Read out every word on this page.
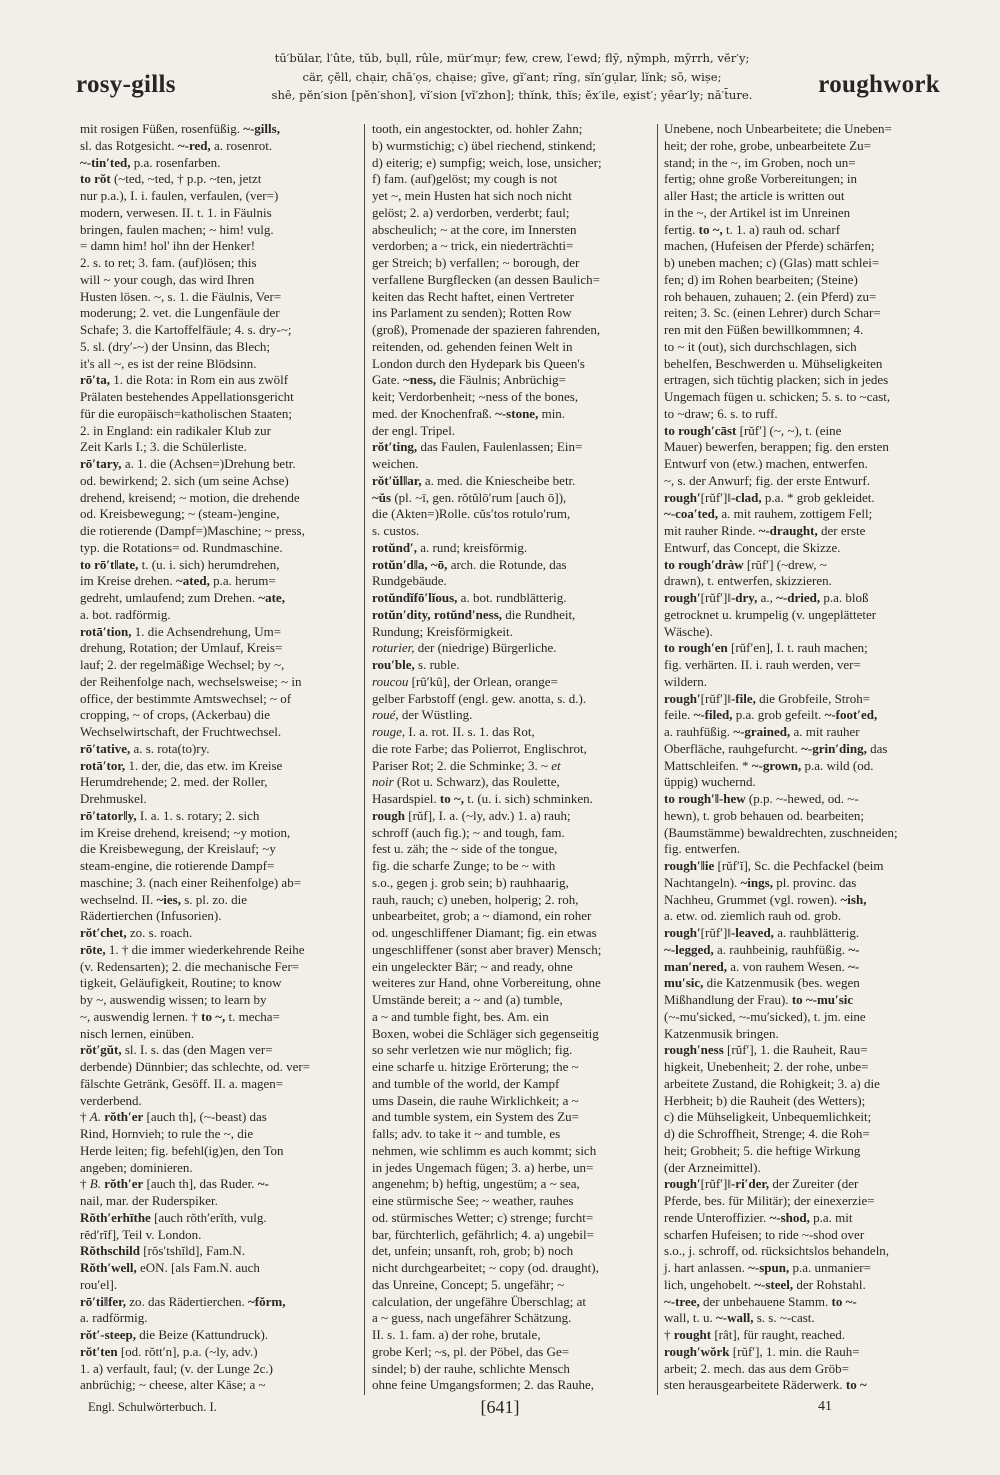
rosy-gills
tū′bŭlar, l′ûte, tŭb, bụll, rûle, mür′mụr; few, crew, l′ewd; flȳ, nȳmph, mȳrrh, vĕr′y;
cär, çĕll, chạir, chā′ọs, chạise; gīve, gĭ′ant; rĭng, sĭn′gụlar, lĭnk; sō, wișe;
shē, pĕn′sion [pĕn′shon], vĭ′sion [vĭ′zhon]; thĭnk, thĭs; ĕx′ile, ex̱ist′; yēar′ly; nā′t̄ure.	roughwork
mit rosigen Füßen, rosenfüßig. ~-gills,
sl. das Rotgesicht. ~-red, a. rosenrot.
~-tin′ted, p.a. rosenfarben.
to rŏt (~ted, ~ted, † p.p. ~ten, jetzt
nur p.a.), I. i. faulen, verfaulen, (ver=)
modern, verwesen. II. t. 1. in Fäulnis
bringen, faulen machen; ~ him! vulg.
= damn him! hol' ihn der Henker!
2. s. to ret; 3. fam. (auf)lösen; this
will ~ your cough, das wird Ihren
Husten lösen. ~, s. 1. die Fäulnis, Ver=
moderung; 2. vet. die Lungenfäule der
Schafe; 3. die Kartoffelfäule; 4. s. dry-~;
5. sl. (dry′-~) der Unsinn, das Blech;
it's all ~, es ist der reine Blödsinn.
rō′ta, 1. die Rota: in Rom ein aus zwölf
Prälaten bestehendes Appellationsgericht
für die europäisch=katholischen Staaten;
2. in England: ein radikaler Klub zur
Zeit Karls I.; 3. die Schülerliste.
rō′tary, a. 1. die (Achsen=)Drehung betr.
od. bewirkend; 2. sich (um seine Achse)
drehend, kreisend; ~ motion, die drehende
od. Kreisbewegung; ~ (steam-)engine,
die rotierende (Dampf=)Maschine; ~ press,
typ. die Rotations= od. Rundmaschine.
to rō′t‖ate, t. (u. i. sich) herumdrehen,
im Kreise drehen. ~ated, p.a. herum=
gedreht, umlaufend; zum Drehen. ~ate,
a. bot. radförmig.
rotā′tion, 1. die Achsendrehung, Um=
drehung, Rotation; der Umlauf, Kreis=
lauf; 2. der regelmäßige Wechsel; by ~,
der Reihenfolge nach, wechselsweise; ~ in
office, der bestimmte Amtswechsel; ~ of
cropping, ~ of crops, (Ackerbau) die
Wechselwirtschaft, der Fruchtwechsel.
rō′tative, a. s. rota(to)ry.
rotā′tor, 1. der, die, das etw. im Kreise
Herumdrehende; 2. med. der Roller,
Drehmuskel.
rō′tator‖y, I. a. 1. s. rotary; 2. sich
im Kreise drehend, kreisend; ~y motion,
die Kreisbewegung, der Kreislauf; ~y
steam-engine, die rotierende Dampf=
maschine; 3. (nach einer Reihenfolge) ab=
wechselnd. II. ~ies, s. pl. zo. die
Rädertierchen (Infusorien).
rŏt′chet, zo. s. roach.
rōte, 1. † die immer wiederkehrende Reihe
(v. Redensarten); 2. die mechanische Fer=
tigkeit, Geläufigkeit, Routine; to know
by ~, auswendig wissen; to learn by
~, auswendig lernen. † to ~, t. mecha=
nisch lernen, einüben.
rŏt′gŭt, sl. I. s. das (den Magen ver=
derbende) Dünnbier; das schlechte, od. ver=
fälschte Getränk, Gesöff. II. a. magen=
verderbend.
† A. rŏth′er [auch th], (~-beast) das
Rind, Hornvieh; to rule the ~, die
Herde leiten; fig. befehl(ig)en, den Ton
angeben; dominieren.
† B. rŏth′er [auch th], das Ruder. ~-
nail, mar. der Ruderspiker.
Rŏth′erhīthe [auch rŏth′erĭth, vulg.
rĕd′rĭf], Teil v. London.
Rŏthschild [rŏs′tshĭld], Fam.N.
Rŏth′well, eON. [als Fam.N. auch
rou′el].
rō′ti‖fer, zo. das Rädertierchen. ~fŏrm,
a. radförmig.
rŏt′-steep, die Beize (Kattundruck).
rŏt′ten [od. rŏtt′n], p.a. (~ly, adv.)
1. a) verfault, faul; (v. der Lunge 2c.)
anbrüchig; ~ cheese, alter Käse; a ~
tooth, ein angestockter, od. hohler Zahn;
b) wurmstichig; c) übel riechend, stinkend;
d) eiterig; e) sumpfig; weich, lose, unsicher;
f) fam. (auf)gelöst; my cough is not
yet ~, mein Husten hat sich noch nicht
gelöst; 2. a) verdorben, verderbt; faul;
abscheulich; ~ at the core, im Innersten
verdorben; a ~ trick, ein niederträchti=
ger Streich; b) verfallen; ~ borough, der
verfallene Burgflecken (an dessen Baulich=
keiten das Recht haftet, einen Vertreter
ins Parlament zu senden); Rotten Row
(groß), Promenade der spazieren fahrenden,
reitenden, od. gehenden feinen Welt in
London durch den Hydepark bis Queen's
Gate. ~ness, die Fäulnis; Anbrüchig=
keit; Verdorbenheit; ~ness of the bones,
med. der Knochenfraß. ~-stone, min.
der engl. Tripel.
rŏt′ting, das Faulen, Faulenlassen; Ein=
weichen.
rŏt′ŭl‖ar, a. med. die Kniescheibe betr.
~ŭs (pl. ~ī, gen. rŏtŭlō′rum [auch ō]),
die (Akten=)Rolle. cŭs′tos rotulo′rum,
s. custos.
rotŭnd′, a. rund; kreisförmig.
rotŭn′d‖a, ~ō, arch. die Rotunde, das
Rundgebäude.
rotŭndĭfō′lĭous, a. bot. rundblätterig.
rotŭn′dity, rotŭnd′ness, die Rundheit,
Rundung; Kreisförmigkeit.
roturier, der (niedrige) Bürgerliche.
rou′ble, s. ruble.
roucou [rû′kû], der Orlean, orange=
gelber Farbstoff (engl. gew. anotta, s. d.).
roué, der Wüstling.
rouge, I. a. rot. II. s. 1. das Rot,
die rote Farbe; das Polierrot, Englischrot,
Pariser Rot; 2. die Schminke; 3. ~ et
noir (Rot u. Schwarz), das Roulette,
Hasardspiel. to ~, t. (u. i. sich) schminken.
rough [rŭf], I. a. (~ly, adv.) 1. a) rauh;
schroff (auch fig.); ~ and tough, fam.
fest u. zäh; the ~ side of the tongue,
fig. die scharfe Zunge; to be ~ with
s.o., gegen j. grob sein; b) rauhhaarig,
rauh, rauch; c) uneben, holperig; 2. roh,
unbearbeitet, grob; a ~ diamond, ein roher
od. ungeschliffener Diamant; fig. ein etwas
ungeschliffener (sonst aber braver) Mensch;
ein ungeleckter Bär; ~ and ready, ohne
weiteres zur Hand, ohne Vorbereitung, ohne
Umstände bereit; a ~ and (a) tumble,
a ~ and tumble fight, bes. Am. ein
Boxen, wobei die Schläger sich gegenseitig
so sehr verletzen wie nur möglich; fig.
eine scharfe u. hitzige Erörterung; the ~
and tumble of the world, der Kampf
ums Dasein, die rauhe Wirklichkeit; a ~
and tumble system, ein System des Zu=
falls; adv. to take it ~ and tumble, es
nehmen, wie schlimm es auch kommt; sich
in jedes Ungemach fügen; 3. a) herbe, un=
angenehm; b) heftig, ungestüm; a ~ sea,
eine stürmische See; ~ weather, rauhes
od. stürmisches Wetter; c) strenge; furcht=
bar, fürchterlich, gefährlich; 4. a) ungebil=
det, unfein; unsanft, roh, grob; b) noch
nicht durchgearbeitet; ~ copy (od. draught),
das Unreine, Concept; 5. ungefähr; ~
calculation, der ungefähre Überschlag; at
a ~ guess, nach ungefährer Schätzung.
II. s. 1. fam. a) der rohe, brutale,
grobe Kerl; ~s, pl. der Pöbel, das Ge=
sindel; b) der rauhe, schlichte Mensch
ohne feine Umgangsformen; 2. das Rauhe,
Unebene, noch Unbearbeitete; die Uneben=
heit; der rohe, grobe, unbearbeitete Zu=
stand; in the ~, im Groben, noch un=
fertig; ohne große Vorbereitungen; in
aller Hast; the article is written out
in the ~, der Artikel ist im Unreinen
fertig. to ~, t. 1. a) rauh od. scharf
machen, (Hufeisen der Pferde) schärfen;
b) uneben machen; c) (Glas) matt schlei=
fen; d) im Rohen bearbeiten; (Steine)
roh behauen, zuhauen; 2. (ein Pferd) zu=
reiten; 3. Sc. (einen Lehrer) durch Schar=
ren mit den Füßen bewillkommnen; 4.
to ~ it (out), sich durchschlagen, sich
behelfen, Beschwerden u. Mühseligkeiten
ertragen, sich tüchtig placken; sich in jedes
Ungemach fügen u. schicken; 5. s. to ~cast,
to ~draw; 6. s. to ruff.
to rough′cāst [rŭf′] (~, ~), t. (eine
Mauer) bewerfen, berappen; fig. den ersten
Entwurf von (etw.) machen, entwerfen.
~, s. der Anwurf; fig. der erste Entwurf.
rough′[rŭf′]‖-clad, p.a. * grob gekleidet.
~-coa′ted, a. mit rauhem, zottigem Fell;
mit rauher Rinde. ~-draught, der erste
Entwurf, das Concept, die Skizze.
to rough′dràw [rŭf′] (~drew, ~
drawn), t. entwerfen, skizzieren.
rough′[rŭf′]‖-dry, a., ~-dried, p.a. bloß
getrocknet u. krumpelig (v. ungeplätteter
Wäsche).
to rough′en [rŭf′en], I. t. rauh machen;
fig. verhärten. II. i. rauh werden, ver=
wildern.
rough′[rŭf′]‖-file, die Grobfeile, Stroh=
feile. ~-filed, p.a. grob gefeilt. ~-foot′ed,
a. rauhfüßig. ~-grained, a. mit rauher
Oberfläche, rauhgefurcht. ~-grin′ding, das
Mattschleifen. * ~-grown, p.a. wild (od.
üppig) wuchernd.
to rough′‖-hew (p.p. ~-hewed, od. ~-
hewn), t. grob behauen od. bearbeiten;
(Baumstämme) bewaldrechten, zuschneiden;
fig. entwerfen.
rough′‖ie [rŭf′ĭ], Sc. die Pechfackel (beim
Nachtangeln). ~ings, pl. provinc. das
Nachheu, Grummet (vgl. rowen). ~ish,
a. etw. od. ziemlich rauh od. grob.
rough′[rŭf′]‖-leaved, a. rauhblätterig.
~-legged, a. rauhbeinig, rauhfüßig. ~-
man′nered, a. von rauhem Wesen. ~-
mu′sic, die Katzenmusik (bes. wegen
Mißhandlung der Frau). to ~-mu′sic
(~-mu′sicked, ~-mu′sicked), t. jm. eine
Katzenmusik bringen.
rough′ness [rŭf′], 1. die Rauheit, Rau=
higkeit, Unebenheit; 2. der rohe, unbe=
arbeitete Zustand, die Rohigkeit; 3. a) die
Herbheit; b) die Rauheit (des Wetters);
c) die Mühseligkeit, Unbequemlichkeit;
d) die Schroffheit, Strenge; 4. die Roh=
heit; Grobheit; 5. die heftige Wirkung
(der Arzneimittel).
rough′[rŭf′]‖-ri′der, der Zureiter (der
Pferde, bes. für Militär); der einexerzie=
rende Unteroffizier. ~-shod, p.a. mit
scharfen Hufeisen; to ride ~-shod over
s.o., j. schroff, od. rücksichtslos behandeln,
j. hart anlassen. ~-spun, p.a. unmanier=
lich, ungehobelt. ~-steel, der Rohstahl.
~-tree, der unbehauene Stamm. to ~-
wall, t. u. ~-wall, s. s. ~-cast.
† rought [rât], für raught, reached.
rough′wŏrk [rŭf′], 1. min. die Rauh=
arbeit; 2. mech. das aus dem Gröb=
sten herausgearbeitete Räderwerk. to ~
Engl. Schulwörterbuch. I.	[641]	41
